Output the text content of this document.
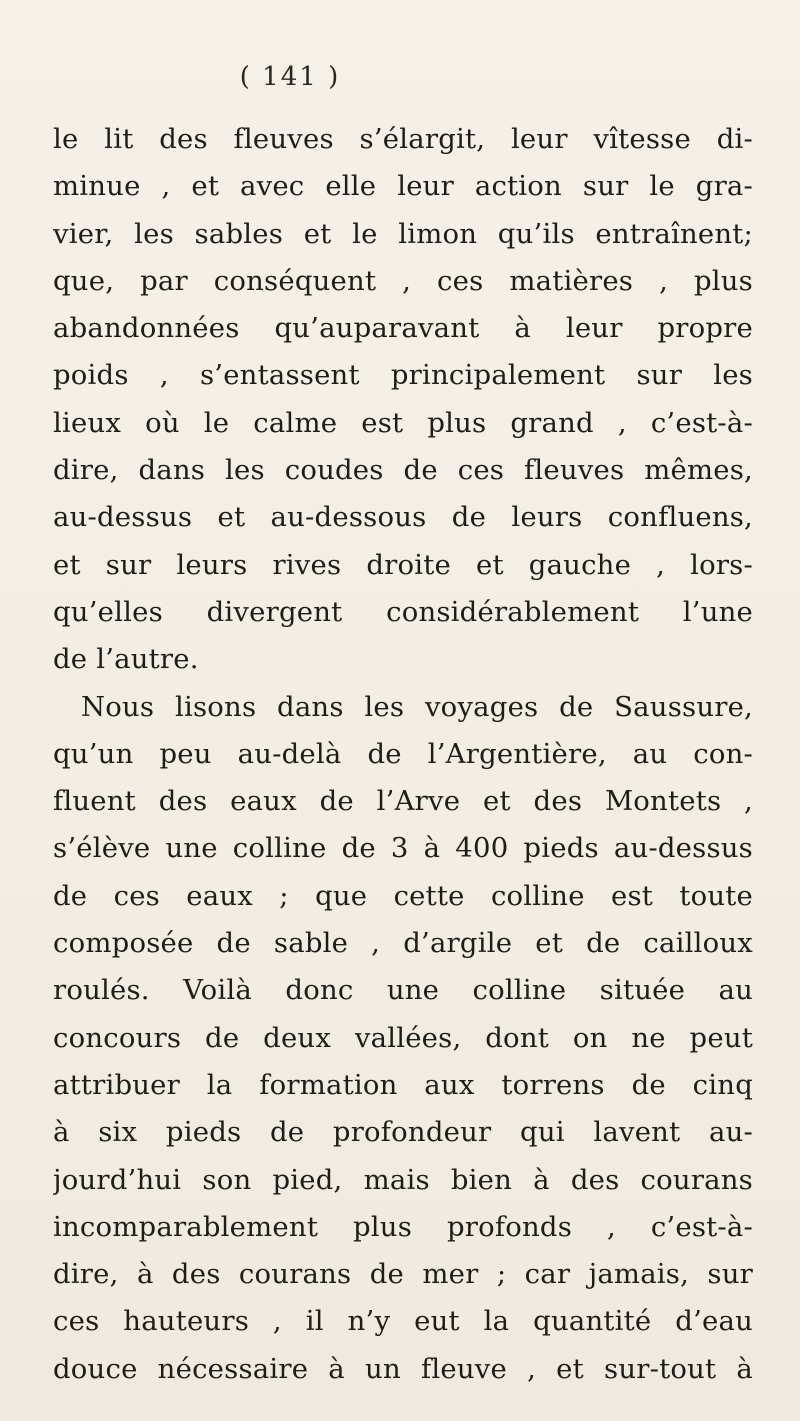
( 141 )
le lit des fleuves s’élargit, leur vîtesse di-
minue , et avec elle leur action sur le gra-
vier, les sables et le limon qu’ils entraînent;
que, par conséquent , ces matières , plus
abandonnées qu’auparavant à leur propre
poids , s’entassent principalement sur les
lieux où le calme est plus grand , c’est-à-
dire, dans les coudes de ces fleuves mêmes,
au-dessus et au-dessous de leurs confluens,
et sur leurs rives droite et gauche , lors-
qu’elles divergent considérablement l’une
de l’autre.
Nous lisons dans les voyages de Saussure,
qu’un peu au-delà de l’Argentière, au con-
fluent des eaux de l’Arve et des Montets ,
s’élève une colline de 3 à 400 pieds au-dessus
de ces eaux ; que cette colline est toute
composée de sable , d’argile et de cailloux
roulés. Voilà donc une colline située au
concours de deux vallées, dont on ne peut
attribuer la formation aux torrens de cinq
à six pieds de profondeur qui lavent au-
jourd’hui son pied, mais bien à des courans
incomparablement plus profonds , c’est-à-
dire, à des courans de mer ; car jamais, sur
ces hauteurs , il n’y eut la quantité d’eau
douce nécessaire à un fleuve , et sur-tout à
